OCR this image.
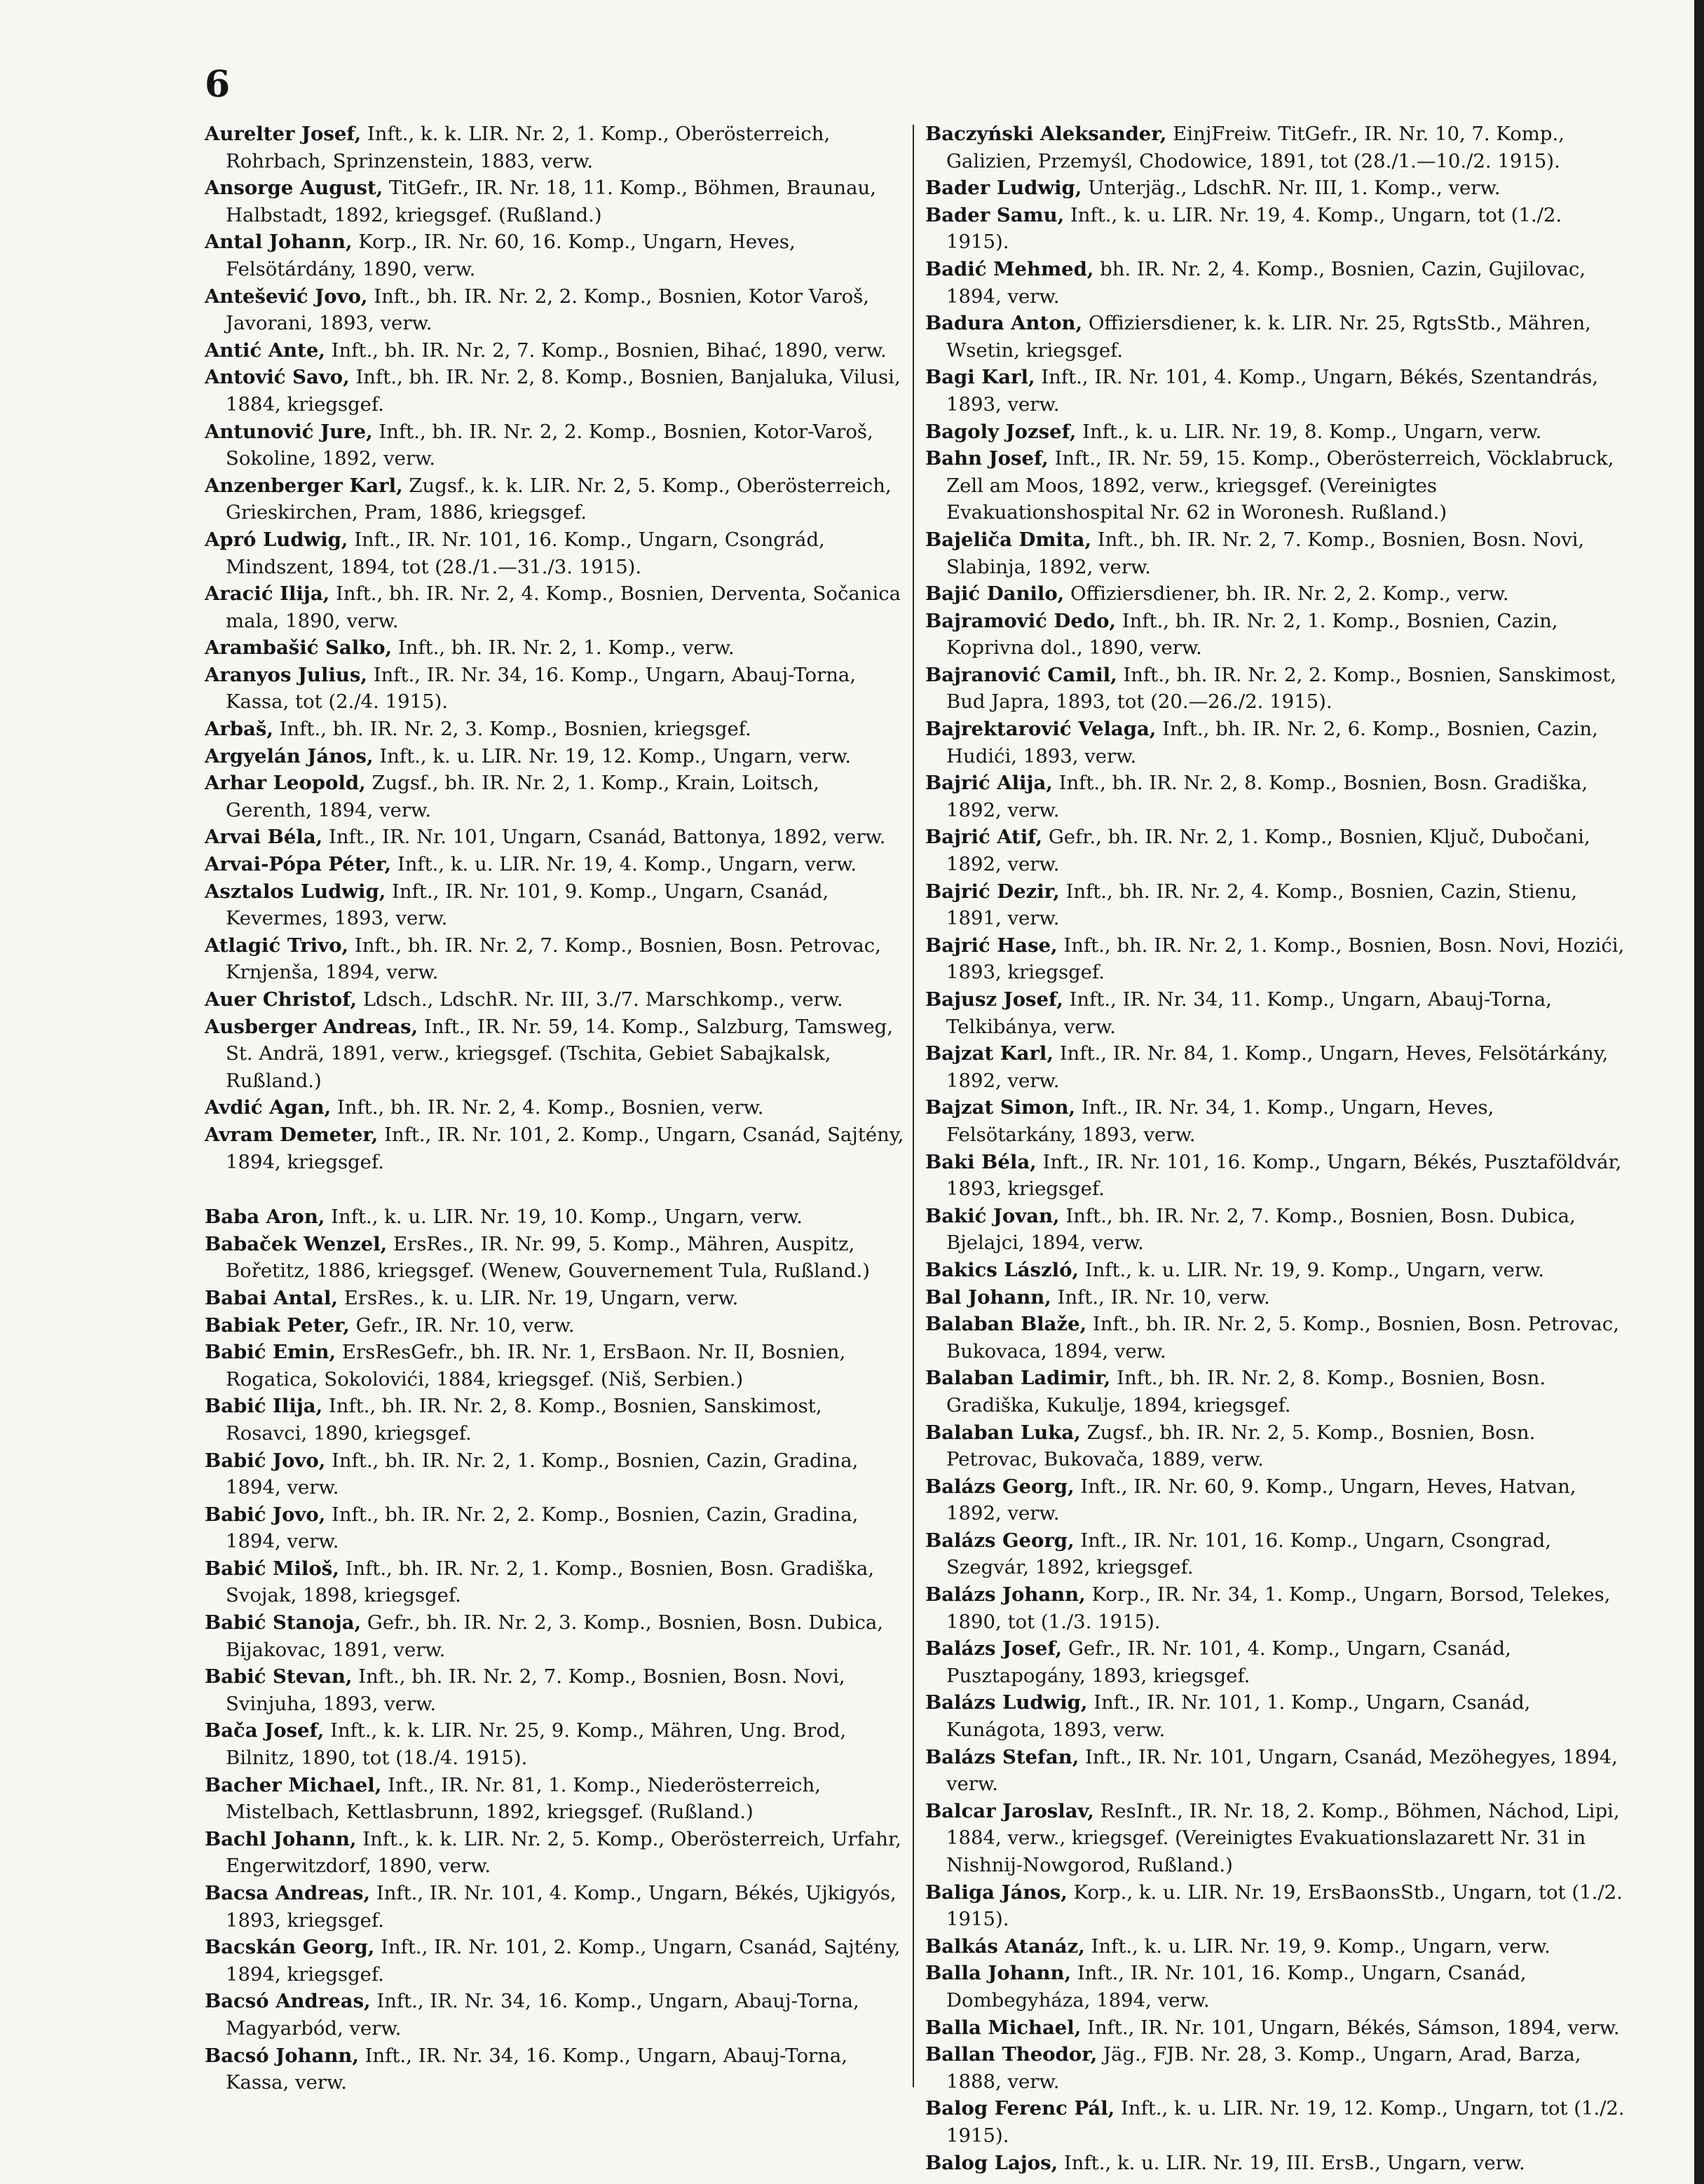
6

Aurelter Josef, Inft., k. k. LIR. Nr. 2, 1. Komp., Oberösterreich, Rohrbach, Sprinzenstein, 1883, verw.

Ansorge August, TitGefr., IR. Nr. 18, 11. Komp., Böhmen, Braunau, Halbstadt, 1892, kriegsgef. (Rußland.)

Antal Johann, Korp., IR. Nr. 60, 16. Komp., Ungarn, Heves, Felsötárdány, 1890, verw.

Antešević Jovo, Inft., bh. IR. Nr. 2, 2. Komp., Bosnien, Kotor Varoš, Javorani, 1893, verw.

Antić Ante, Inft., bh. IR. Nr. 2, 7. Komp., Bosnien, Bihać, 1890, verw.

Antović Savo, Inft., bh. IR. Nr. 2, 8. Komp., Bosnien, Banjaluka, Vilusi, 1884, kriegsgef.

Antunović Jure, Inft., bh. IR. Nr. 2, 2. Komp., Bosnien, Kotor-Varoš, Sokoline, 1892, verw.

Anzenberger Karl, Zugsf., k. k. LIR. Nr. 2, 5. Komp., Oberösterreich, Grieskirchen, Pram, 1886, kriegsgef.

Apró Ludwig, Inft., IR. Nr. 101, 16. Komp., Ungarn, Csongrád, Mindszent, 1894, tot (28./1.—31./3. 1915).

Aracić Ilija, Inft., bh. IR. Nr. 2, 4. Komp., Bosnien, Derventa, Sočanica mala, 1890, verw.

Arambašić Salko, Inft., bh. IR. Nr. 2, 1. Komp., verw.

Aranyos Julius, Inft., IR. Nr. 34, 16. Komp., Ungarn, Abauj-Torna, Kassa, tot (2./4. 1915).

Arbaš, Inft., bh. IR. Nr. 2, 3. Komp., Bosnien, kriegsgef.

Argyelán János, Inft., k. u. LIR. Nr. 19, 12. Komp., Ungarn, verw.

Arhar Leopold, Zugsf., bh. IR. Nr. 2, 1. Komp., Krain, Loitsch, Gerenth, 1894, verw.

Arvai Béla, Inft., IR. Nr. 101, Ungarn, Csanád, Battonya, 1892, verw.

Arvai-Pópa Péter, Inft., k. u. LIR. Nr. 19, 4. Komp., Ungarn, verw.

Asztalos Ludwig, Inft., IR. Nr. 101, 9. Komp., Ungarn, Csanád, Kevermes, 1893, verw.

Atlagić Trivo, Inft., bh. IR. Nr. 2, 7. Komp., Bosnien, Bosn. Petrovac, Krnjenša, 1894, verw.

Auer Christof, Ldsch., LdschR. Nr. III, 3./7. Marschkomp., verw.

Ausberger Andreas, Inft., IR. Nr. 59, 14. Komp., Salzburg, Tamsweg, St. Andrä, 1891, verw., kriegsgef. (Tschita, Gebiet Sabajkalsk, Rußland.)

Avdić Agan, Inft., bh. IR. Nr. 2, 4. Komp., Bosnien, verw.

Avram Demeter, Inft., IR. Nr. 101, 2. Komp., Ungarn, Csanád, Sajtény, 1894, kriegsgef.

Baba Aron, Inft., k. u. LIR. Nr. 19, 10. Komp., Ungarn, verw.

Babaček Wenzel, ErsRes., IR. Nr. 99, 5. Komp., Mähren, Auspitz, Bořetitz, 1886, kriegsgef. (Wenew, Gouvernement Tula, Rußland.)

Babai Antal, ErsRes., k. u. LIR. Nr. 19, Ungarn, verw.

Babiak Peter, Gefr., IR. Nr. 10, verw.

Babić Emin, ErsResGefr., bh. IR. Nr. 1, ErsBaon. Nr. II, Bosnien, Rogatica, Sokolovići, 1884, kriegsgef. (Niš, Serbien.)

Babić Ilija, Inft., bh. IR. Nr. 2, 8. Komp., Bosnien, Sanskimost, Rosavci, 1890, kriegsgef.

Babić Jovo, Inft., bh. IR. Nr. 2, 1. Komp., Bosnien, Cazin, Gradina, 1894, verw.

Babić Jovo, Inft., bh. IR. Nr. 2, 2. Komp., Bosnien, Cazin, Gradina, 1894, verw.

Babić Miloš, Inft., bh. IR. Nr. 2, 1. Komp., Bosnien, Bosn. Gradiška, Svojak, 1898, kriegsgef.

Babić Stanoja, Gefr., bh. IR. Nr. 2, 3. Komp., Bosnien, Bosn. Dubica, Bijakovac, 1891, verw.

Babić Stevan, Inft., bh. IR. Nr. 2, 7. Komp., Bosnien, Bosn. Novi, Svinjuha, 1893, verw.

Bača Josef, Inft., k. k. LIR. Nr. 25, 9. Komp., Mähren, Ung. Brod, Bilnitz, 1890, tot (18./4. 1915).

Bacher Michael, Inft., IR. Nr. 81, 1. Komp., Niederösterreich, Mistelbach, Kettlasbrunn, 1892, kriegsgef. (Rußland.)

Bachl Johann, Inft., k. k. LIR. Nr. 2, 5. Komp., Oberösterreich, Urfahr, Engerwitzdorf, 1890, verw.

Bacsa Andreas, Inft., IR. Nr. 101, 4. Komp., Ungarn, Békés, Ujkigyós, 1893, kriegsgef.

Bacskán Georg, Inft., IR. Nr. 101, 2. Komp., Ungarn, Csanád, Sajtény, 1894, kriegsgef.

Bacsó Andreas, Inft., IR. Nr. 34, 16. Komp., Ungarn, Abauj-Torna, Magyarbód, verw.

Bacsó Johann, Inft., IR. Nr. 34, 16. Komp., Ungarn, Abauj-Torna, Kassa, verw.

Baczyński Aleksander, EinjFreiw. TitGefr., IR. Nr. 10, 7. Komp., Galizien, Przemyśl, Chodowice, 1891, tot (28./1.—10./2. 1915).

Bader Ludwig, Unterjäg., LdschR. Nr. III, 1. Komp., verw.

Bader Samu, Inft., k. u. LIR. Nr. 19, 4. Komp., Ungarn, tot (1./2. 1915).

Badić Mehmed, bh. IR. Nr. 2, 4. Komp., Bosnien, Cazin, Gujilovac, 1894, verw.

Badura Anton, Offiziersdiener, k. k. LIR. Nr. 25, RgtsStb., Mähren, Wsetin, kriegsgef.

Bagi Karl, Inft., IR. Nr. 101, 4. Komp., Ungarn, Békés, Szentandrás, 1893, verw.

Bagoly Jozsef, Inft., k. u. LIR. Nr. 19, 8. Komp., Ungarn, verw.

Bahn Josef, Inft., IR. Nr. 59, 15. Komp., Oberösterreich, Vöcklabruck, Zell am Moos, 1892, verw., kriegsgef. (Vereinigtes Evakuationshospital Nr. 62 in Woronesh. Rußland.)

Bajeliča Dmita, Inft., bh. IR. Nr. 2, 7. Komp., Bosnien, Bosn. Novi, Slabinja, 1892, verw.

Bajić Danilo, Offiziersdiener, bh. IR. Nr. 2, 2. Komp., verw.

Bajramović Dedo, Inft., bh. IR. Nr. 2, 1. Komp., Bosnien, Cazin, Koprivna dol., 1890, verw.

Bajranović Camil, Inft., bh. IR. Nr. 2, 2. Komp., Bosnien, Sanskimost, Bud Japra, 1893, tot (20.—26./2. 1915).

Bajrektarović Velaga, Inft., bh. IR. Nr. 2, 6. Komp., Bosnien, Cazin, Hudići, 1893, verw.

Bajrić Alija, Inft., bh. IR. Nr. 2, 8. Komp., Bosnien, Bosn. Gradiška, 1892, verw.

Bajrić Atif, Gefr., bh. IR. Nr. 2, 1. Komp., Bosnien, Ključ, Dubočani, 1892, verw.

Bajrić Dezir, Inft., bh. IR. Nr. 2, 4. Komp., Bosnien, Cazin, Stienu, 1891, verw.

Bajrić Hase, Inft., bh. IR. Nr. 2, 1. Komp., Bosnien, Bosn. Novi, Hozići, 1893, kriegsgef.

Bajusz Josef, Inft., IR. Nr. 34, 11. Komp., Ungarn, Abauj-Torna, Telkibánya, verw.

Bajzat Karl, Inft., IR. Nr. 84, 1. Komp., Ungarn, Heves, Felsötárkány, 1892, verw.

Bajzat Simon, Inft., IR. Nr. 34, 1. Komp., Ungarn, Heves, Felsötarkány, 1893, verw.

Baki Béla, Inft., IR. Nr. 101, 16. Komp., Ungarn, Békés, Pusztaföldvár, 1893, kriegsgef.

Bakić Jovan, Inft., bh. IR. Nr. 2, 7. Komp., Bosnien, Bosn. Dubica, Bjelajci, 1894, verw.

Bakics László, Inft., k. u. LIR. Nr. 19, 9. Komp., Ungarn, verw.

Bal Johann, Inft., IR. Nr. 10, verw.

Balaban Blaže, Inft., bh. IR. Nr. 2, 5. Komp., Bosnien, Bosn. Petrovac, Bukovaca, 1894, verw.

Balaban Ladimir, Inft., bh. IR. Nr. 2, 8. Komp., Bosnien, Bosn. Gradiška, Kukulje, 1894, kriegsgef.

Balaban Luka, Zugsf., bh. IR. Nr. 2, 5. Komp., Bosnien, Bosn. Petrovac, Bukovača, 1889, verw.

Balázs Georg, Inft., IR. Nr. 60, 9. Komp., Ungarn, Heves, Hatvan, 1892, verw.

Balázs Georg, Inft., IR. Nr. 101, 16. Komp., Ungarn, Csongrad, Szegvár, 1892, kriegsgef.

Balázs Johann, Korp., IR. Nr. 34, 1. Komp., Ungarn, Borsod, Telekes, 1890, tot (1./3. 1915).

Balázs Josef, Gefr., IR. Nr. 101, 4. Komp., Ungarn, Csanád, Pusztapogány, 1893, kriegsgef.

Balázs Ludwig, Inft., IR. Nr. 101, 1. Komp., Ungarn, Csanád, Kunágota, 1893, verw.

Balázs Stefan, Inft., IR. Nr. 101, Ungarn, Csanád, Mezöhegyes, 1894, verw.

Balcar Jaroslav, ResInft., IR. Nr. 18, 2. Komp., Böhmen, Náchod, Lipi, 1884, verw., kriegsgef. (Vereinigtes Evakuationslazarett Nr. 31 in Nishnij-Nowgorod, Rußland.)

Baliga János, Korp., k. u. LIR. Nr. 19, ErsBaonsStb., Ungarn, tot (1./2. 1915).

Balkás Atanáz, Inft., k. u. LIR. Nr. 19, 9. Komp., Ungarn, verw.

Balla Johann, Inft., IR. Nr. 101, 16. Komp., Ungarn, Csanád, Dombegyháza, 1894, verw.

Balla Michael, Inft., IR. Nr. 101, Ungarn, Békés, Sámson, 1894, verw.

Ballan Theodor, Jäg., FJB. Nr. 28, 3. Komp., Ungarn, Arad, Barza, 1888, verw.

Balog Ferenc Pál, Inft., k. u. LIR. Nr. 19, 12. Komp., Ungarn, tot (1./2. 1915).

Balog Lajos, Inft., k. u. LIR. Nr. 19, III. ErsB., Ungarn, verw.
